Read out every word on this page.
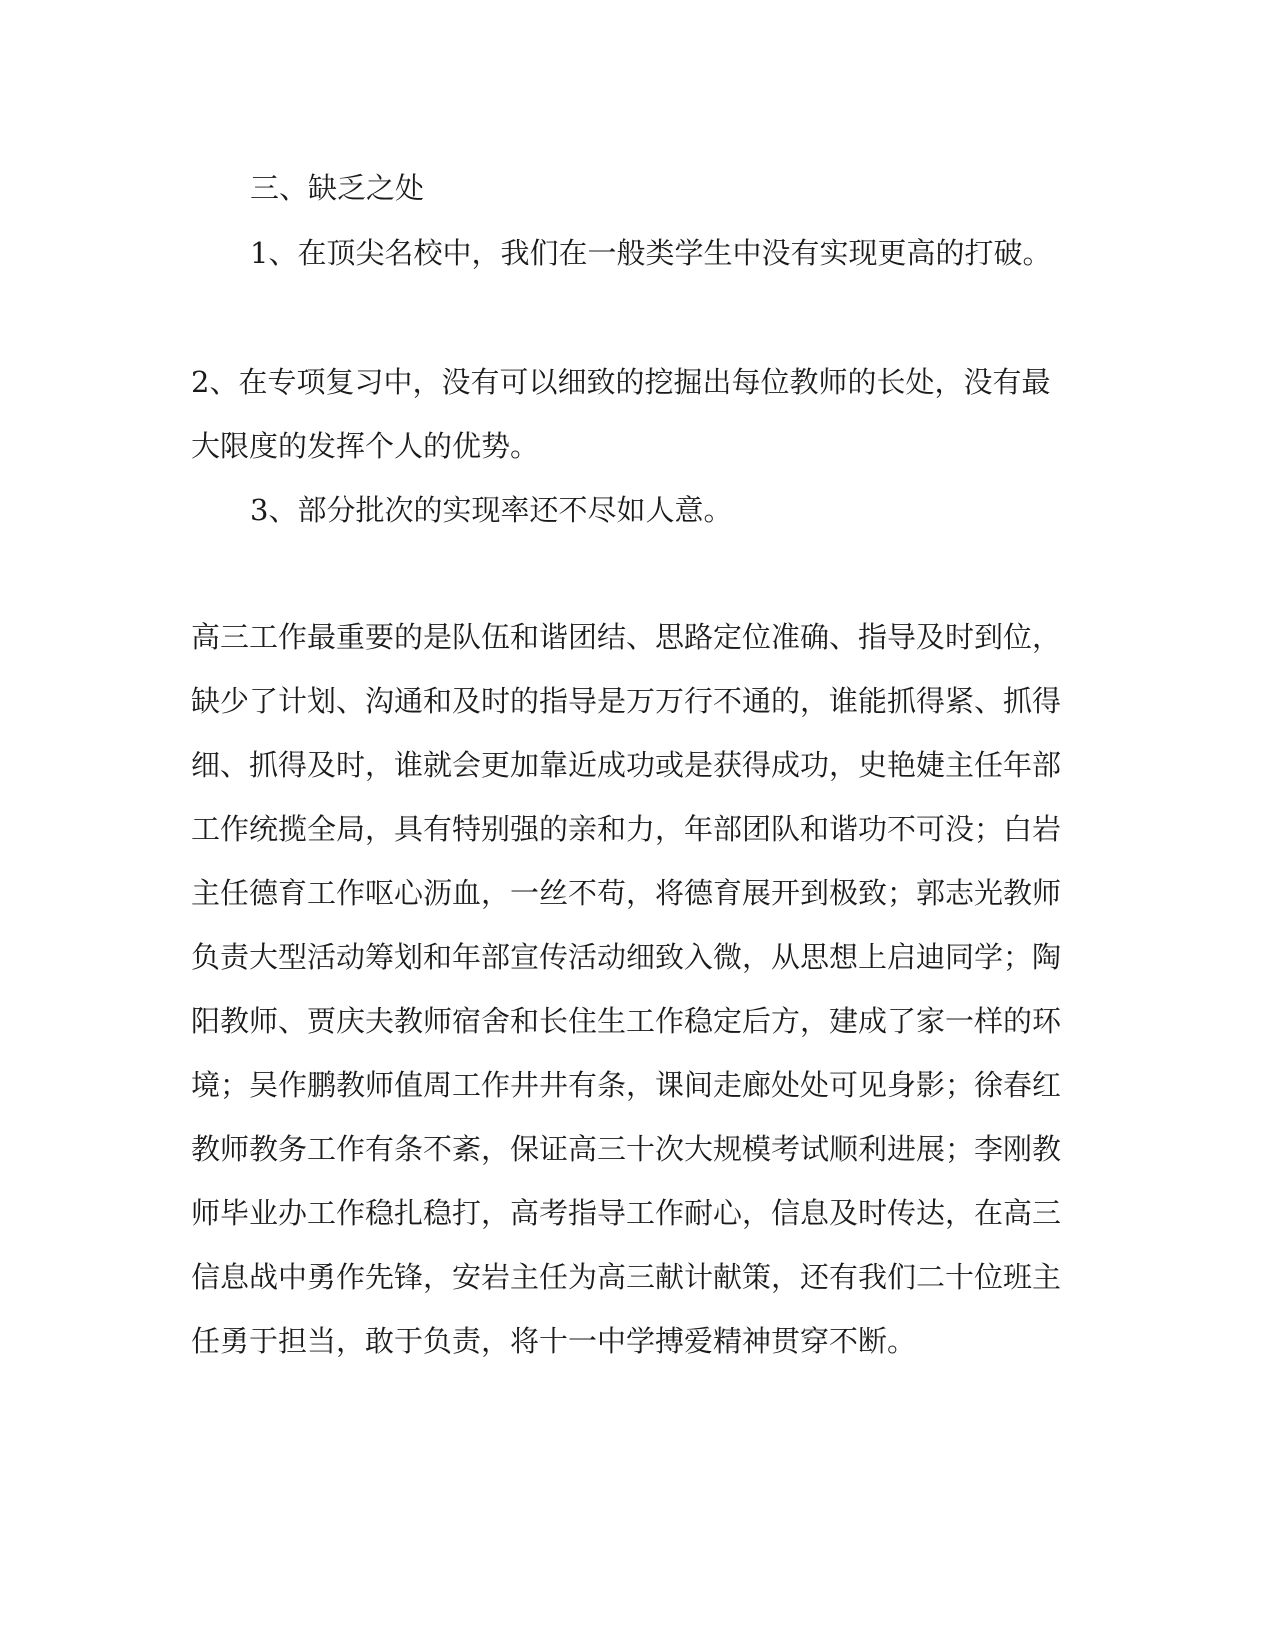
三、缺乏之处

1、在顶尖名校中，我们在一般类学生中没有实现更高的打破。

2、在专项复习中，没有可以细致的挖掘出每位教师的长处，没有最大限度的发挥个人的优势。

3、部分批次的实现率还不尽如人意。

高三工作最重要的是队伍和谐团结、思路定位准确、指导及时到位，缺少了计划、沟通和及时的指导是万万行不通的，谁能抓得紧、抓得细、抓得及时，谁就会更加靠近成功或是获得成功，史艳婕主任年部工作统揽全局，具有特别强的亲和力，年部团队和谐功不可没；白岩主任德育工作呕心沥血，一丝不苟，将德育展开到极致；郭志光教师负责大型活动筹划和年部宣传活动细致入微，从思想上启迪同学；陶阳教师、贾庆夫教师宿舍和长住生工作稳定后方，建成了家一样的环境；吴作鹏教师值周工作井井有条，课间走廊处处可见身影；徐春红教师教务工作有条不紊，保证高三十次大规模考试顺利进展；李刚教师毕业办工作稳扎稳打，高考指导工作耐心，信息及时传达，在高三信息战中勇作先锋，安岩主任为高三献计献策，还有我们二十位班主任勇于担当，敢于负责，将十一中学搏爱精神贯穿不断。
